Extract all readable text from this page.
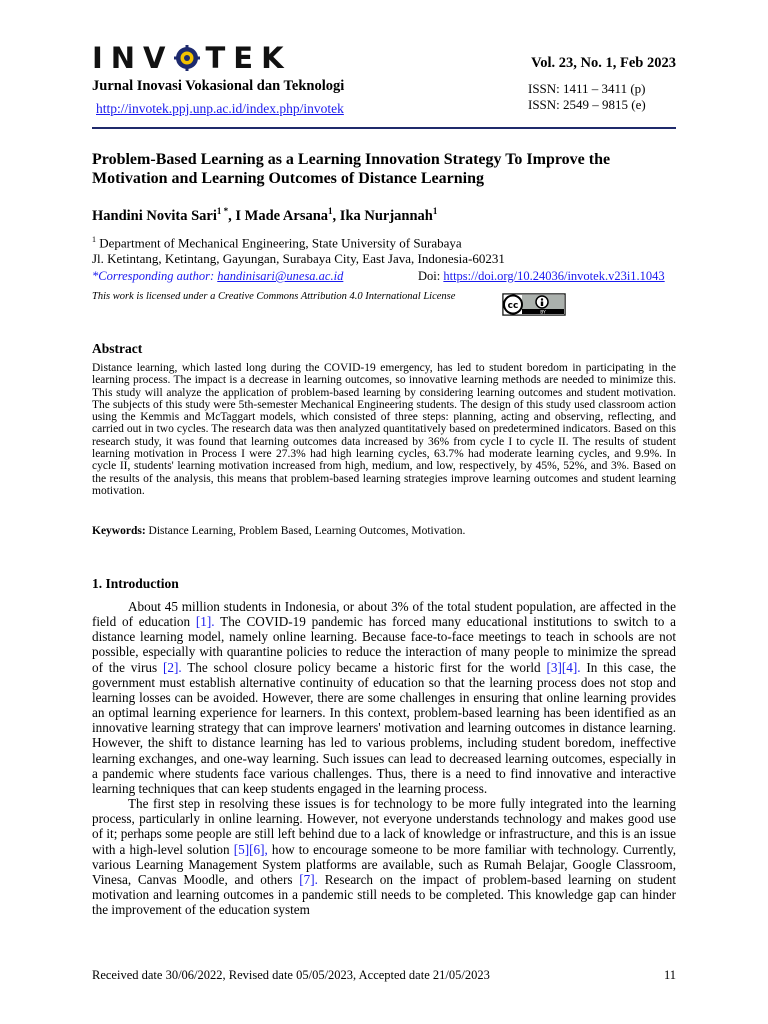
INV TEK
Jurnal Inovasi Vokasional dan Teknologi
http://invotek.ppj.unp.ac.id/index.php/invotek
Vol. 23, No. 1, Feb 2023
ISSN: 1411 – 3411 (p)
ISSN: 2549 – 9815 (e)
Problem-Based Learning as a Learning Innovation Strategy To Improve the Motivation and Learning Outcomes of Distance Learning
Handini Novita Sari$^{1 *}$, I Made Arsana$^1$, Ika Nurjannah$^1$
$^1$ Department of Mechanical Engineering, State University of Surabaya
Jl. Ketintang, Ketintang, Gayungan, Surabaya City, East Java, Indonesia-60231
*Corresponding author: handinisari@unesa.ac.id	Doi: https://doi.org/10.24036/invotek.v23i1.1043
This work is licensed under a Creative Commons Attribution 4.0 International License
cc
BY
Abstract
Distance learning, which lasted long during the COVID-19 emergency, has led to student boredom in participating in the learning process. The impact is a decrease in learning outcomes, so innovative learning methods are needed to minimize this. This study will analyze the application of problem-based learning by considering learning outcomes and student motivation. The subjects of this study were 5th-semester Mechanical Engineering students. The design of this study used classroom action using the Kemmis and McTaggart models, which consisted of three steps: planning, acting and observing, reflecting, and carried out in two cycles. The research data was then analyzed quantitatively based on predetermined indicators. Based on this research study, it was found that learning outcomes data increased by 36% from cycle I to cycle II. The results of student learning motivation in Process I were 27.3% had high learning cycles, 63.7% had moderate learning cycles, and 9.9%. In cycle II, students' learning motivation increased from high, medium, and low, respectively, by 45%, 52%, and 3%. Based on the results of the analysis, this means that problem-based learning strategies improve learning outcomes and student learning motivation.
Keywords: Distance Learning, Problem Based, Learning Outcomes, Motivation.
1. Introduction

About 45 million students in Indonesia, or about 3% of the total student population, are affected in the field of education [1]. The COVID-19 pandemic has forced many educational institutions to switch to a distance learning model, namely online learning. Because face-to-face meetings to teach in schools are not possible, especially with quarantine policies to reduce the interaction of many people to minimize the spread of the virus [2]. The school closure policy became a historic first for the world [3][4]. In this case, the government must establish alternative continuity of education so that the learning process does not stop and learning losses can be avoided. However, there are some challenges in ensuring that online learning provides an optimal learning experience for learners. In this context, problem-based learning has been identified as an innovative learning strategy that can improve learners' motivation and learning outcomes in distance learning. However, the shift to distance learning has led to various problems, including student boredom, ineffective learning exchanges, and one-way learning. Such issues can lead to decreased learning outcomes, especially in a pandemic where students face various challenges. Thus, there is a need to find innovative and interactive learning techniques that can keep students engaged in the learning process.

The first step in resolving these issues is for technology to be more fully integrated into the learning process, particularly in online learning. However, not everyone understands technology and makes good use of it; perhaps some people are still left behind due to a lack of knowledge or infrastructure, and this is an issue with a high-level solution [5][6], how to encourage someone to be more familiar with technology. Currently, various Learning Management System platforms are available, such as Rumah Belajar, Google Classroom, Vinesa, Canvas Moodle, and others [7]. Research on the impact of problem-based learning on student motivation and learning outcomes in a pandemic still needs to be completed. This knowledge gap can hinder the improvement of the education system

Received date 30/06/2022, Revised date 05/05/2023, Accepted date 21/05/2023	11
